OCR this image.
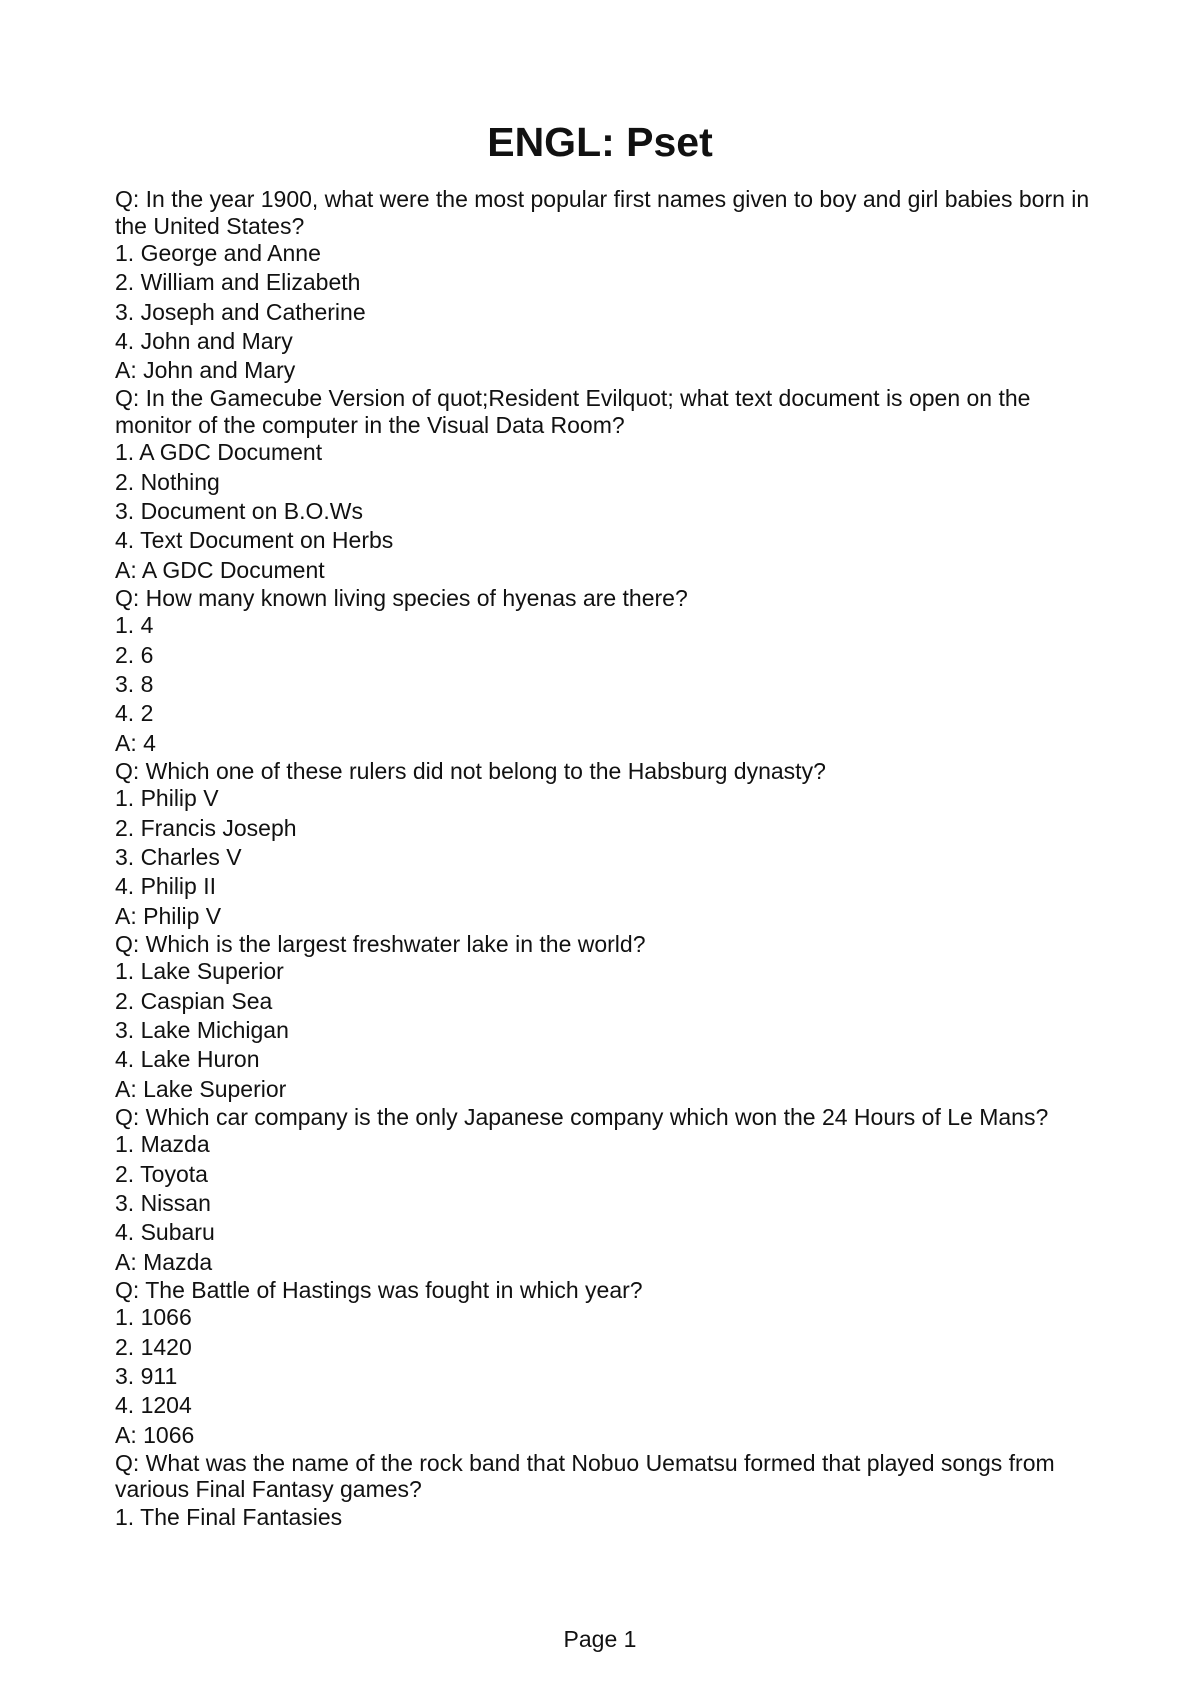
ENGL: Pset

Q: In the year 1900, what were the most popular first names given to boy and girl babies born in the United States?

1. George and Anne

2. William and Elizabeth

3. Joseph and Catherine

4. John and Mary

A: John and Mary

Q: In the Gamecube Version of quot;Resident Evilquot; what text document is open on the monitor of the computer in the Visual Data Room?

1. A GDC Document

2. Nothing

3. Document on B.O.Ws

4. Text Document on Herbs

A: A GDC Document

Q: How many known living species of hyenas are there?

1. 4

2. 6

3. 8

4. 2

A: 4

Q: Which one of these rulers did not belong to the Habsburg dynasty?

1. Philip V

2. Francis Joseph

3. Charles V

4. Philip II

A: Philip V

Q: Which is the largest freshwater lake in the world?

1. Lake Superior

2. Caspian Sea

3. Lake Michigan

4. Lake Huron

A: Lake Superior

Q: Which car company is the only Japanese company which won the 24 Hours of Le Mans?

1. Mazda

2. Toyota

3. Nissan

4. Subaru

A: Mazda

Q: The Battle of Hastings was fought in which year?

1. 1066

2. 1420

3. 911

4. 1204

A: 1066

Q: What was the name of the rock band that Nobuo Uematsu formed that played songs from various Final Fantasy games?

1. The Final Fantasies

Page 1
